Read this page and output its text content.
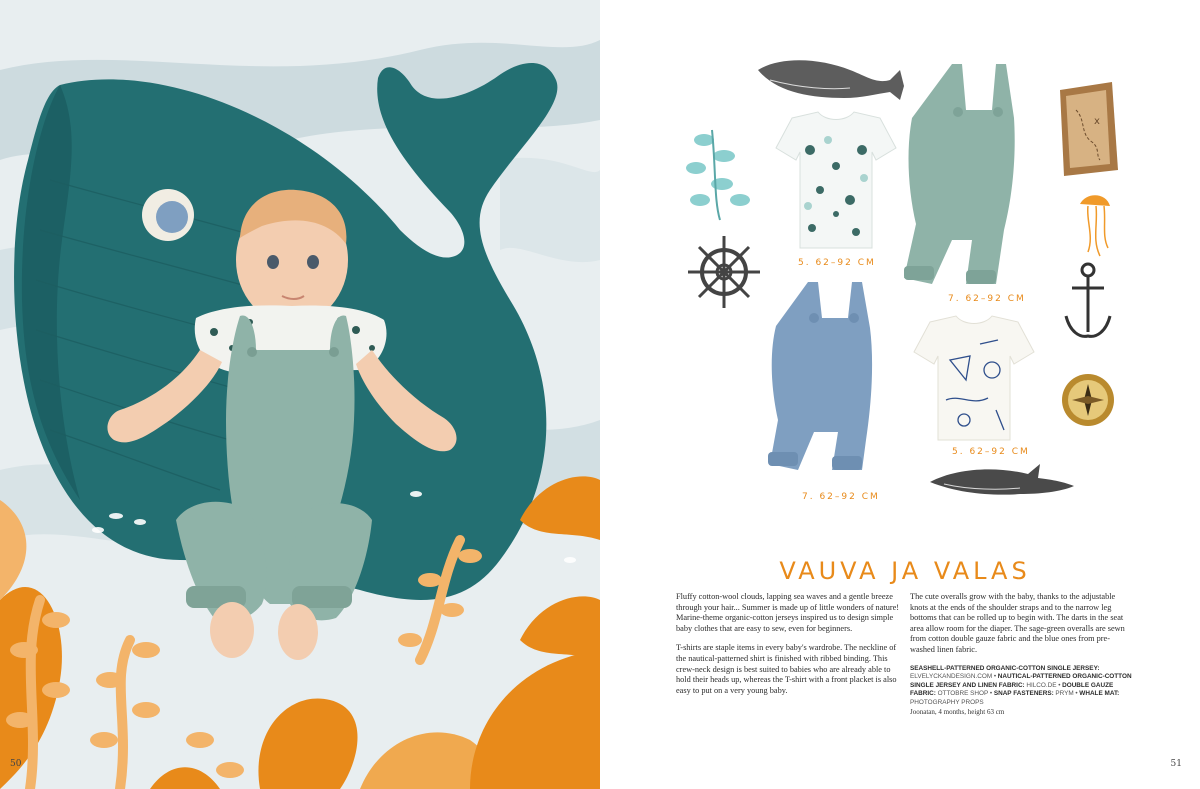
50
x
5. 62–92 CM
7. 62–92 CM
7. 62–92 CM
5. 62–92 CM
VAUVA JA VALAS

Fluffy cotton-wool clouds, lapping sea waves and a gentle breeze through your hair... Summer is made up of little wonders of nature! Marine-theme organic-cotton jerseys inspired us to design simple baby clothes that are easy to sew, even for beginners.

T-shirts are staple items in every baby's wardrobe. The neckline of the nautical-patterned shirt is finished with ribbed binding. This crew-neck design is best suited to babies who are already able to hold their heads up, whereas the T-shirt with a front placket is also easy to put on a very young baby.

The cute overalls grow with the baby, thanks to the adjustable knots at the ends of the shoulder straps and to the narrow leg bottoms that can be rolled up to begin with. The darts in the seat area allow room for the diaper. The sage-green overalls are sewn from cotton double gauze fabric and the blue ones from pre-washed linen fabric.

SEASHELL-PATTERNED ORGANIC-COTTON SINGLE JERSEY: ELVELYCKANDESIGN.COM • NAUTICAL-PATTERNED ORGANIC-COTTON SINGLE JERSEY AND LINEN FABRIC: HILCO.DE • DOUBLE GAUZE FABRIC: OTTOBRE SHOP • SNAP FASTENERS: PRYM • WHALE MAT: PHOTOGRAPHY PROPS
Joonatan, 4 months, height 63 cm
51
